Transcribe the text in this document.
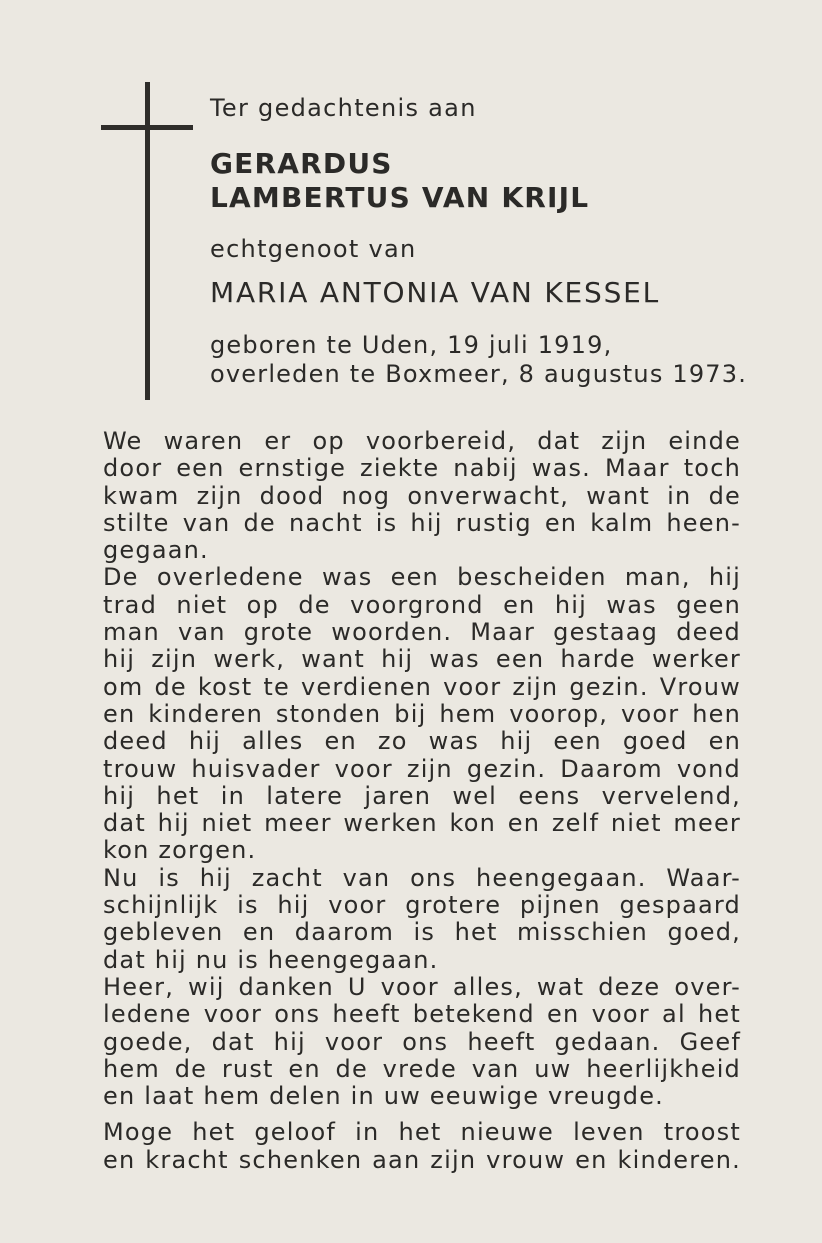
Ter gedachtenis aan
GERARDUS
LAMBERTUS VAN KRIJL
echtgenoot van
MARIA ANTONIA VAN KESSEL
geboren te Uden, 19 juli 1919,
overleden te Boxmeer, 8 augustus 1973.
We waren er op voorbereid, dat zijn einde
door een ernstige ziekte nabij was. Maar toch
kwam zijn dood nog onverwacht, want in de
stilte van de nacht is hij rustig en kalm heen-
gegaan.
De overledene was een bescheiden man, hij
trad niet op de voorgrond en hij was geen
man van grote woorden. Maar gestaag deed
hij zijn werk, want hij was een harde werker
om de kost te verdienen voor zijn gezin. Vrouw
en kinderen stonden bij hem voorop, voor hen
deed hij alles en zo was hij een goed en
trouw huisvader voor zijn gezin. Daarom vond
hij het in latere jaren wel eens vervelend,
dat hij niet meer werken kon en zelf niet meer
kon zorgen.
Nu is hij zacht van ons heengegaan. Waar-
schijnlijk is hij voor grotere pijnen gespaard
gebleven en daarom is het misschien goed,
dat hij nu is heengegaan.
Heer, wij danken U voor alles, wat deze over-
ledene voor ons heeft betekend en voor al het
goede, dat hij voor ons heeft gedaan. Geef
hem de rust en de vrede van uw heerlijkheid
en laat hem delen in uw eeuwige vreugde.
Moge het geloof in het nieuwe leven troost
en kracht schenken aan zijn vrouw en kinderen.
